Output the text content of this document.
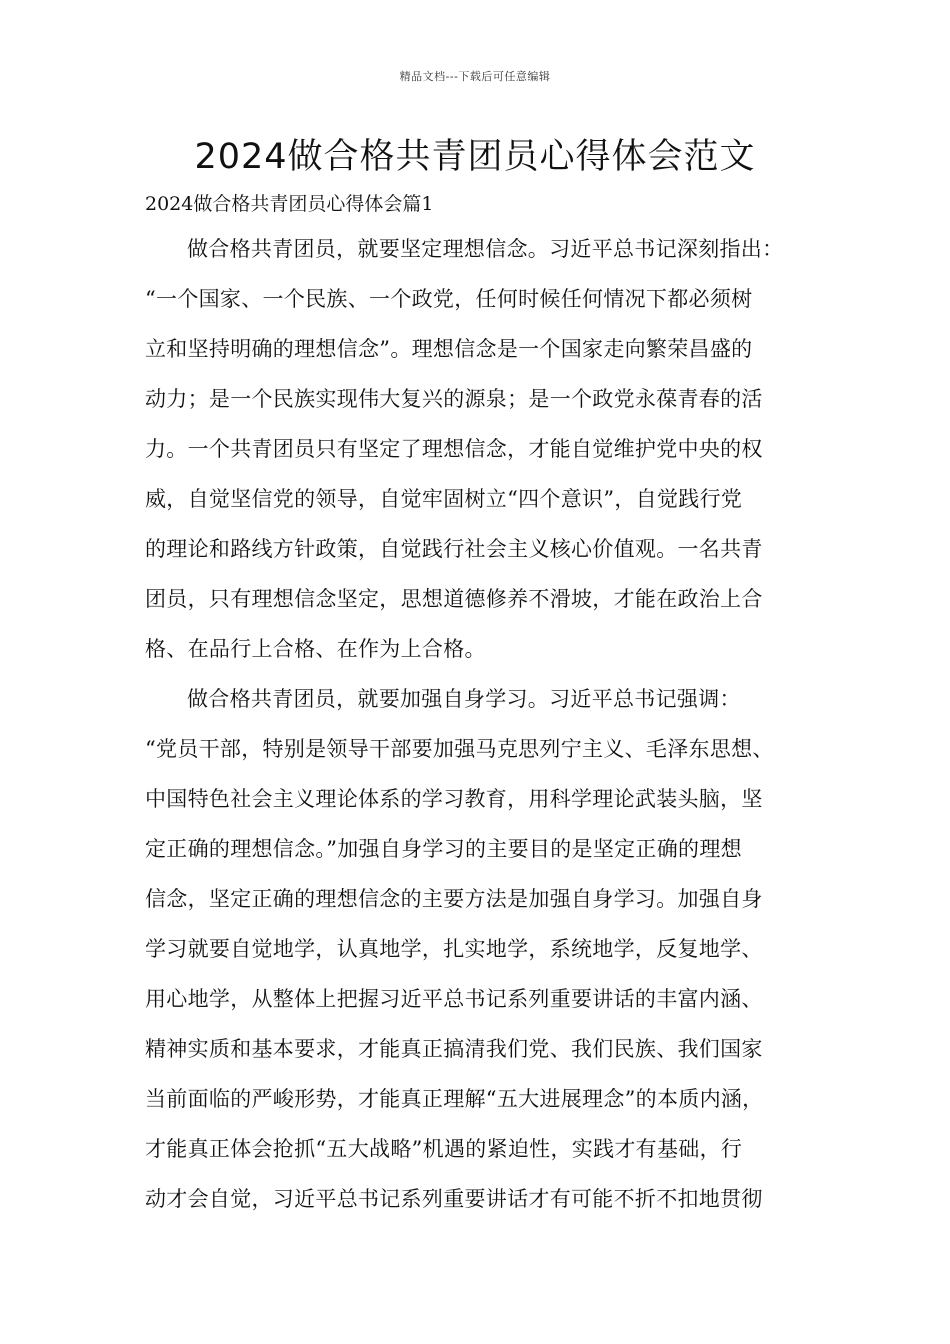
精品文档---下载后可任意编辑
2024做合格共青团员心得体会范文

2024做合格共青团员心得体会篇1

做合格共青团员，就要坚定理想信念。习近平总书记深刻指出：
“一个国家、一个民族、一个政党，任何时候任何情况下都必须树
立和坚持明确的理想信念”。理想信念是一个国家走向繁荣昌盛的
动力；是一个民族实现伟大复兴的源泉；是一个政党永葆青春的活
力。一个共青团员只有坚定了理想信念，才能自觉维护党中央的权
威，自觉坚信党的领导，自觉牢固树立“四个意识”，自觉践行党
的理论和路线方针政策，自觉践行社会主义核心价值观。一名共青
团员，只有理想信念坚定，思想道德修养不滑坡，才能在政治上合
格、在品行上合格、在作为上合格。
做合格共青团员，就要加强自身学习。习近平总书记强调：
“党员干部，特别是领导干部要加强马克思列宁主义、毛泽东思想、
中国特色社会主义理论体系的学习教育，用科学理论武装头脑，坚
定正确的理想信念。”加强自身学习的主要目的是坚定正确的理想
信念，坚定正确的理想信念的主要方法是加强自身学习。加强自身
学习就要自觉地学，认真地学，扎实地学，系统地学，反复地学、
用心地学，从整体上把握习近平总书记系列重要讲话的丰富内涵、
精神实质和基本要求，才能真正搞清我们党、我们民族、我们国家
当前面临的严峻形势，才能真正理解“五大进展理念”的本质内涵，
才能真正体会抢抓“五大战略”机遇的紧迫性，实践才有基础，行
动才会自觉，习近平总书记系列重要讲话才有可能不折不扣地贯彻
